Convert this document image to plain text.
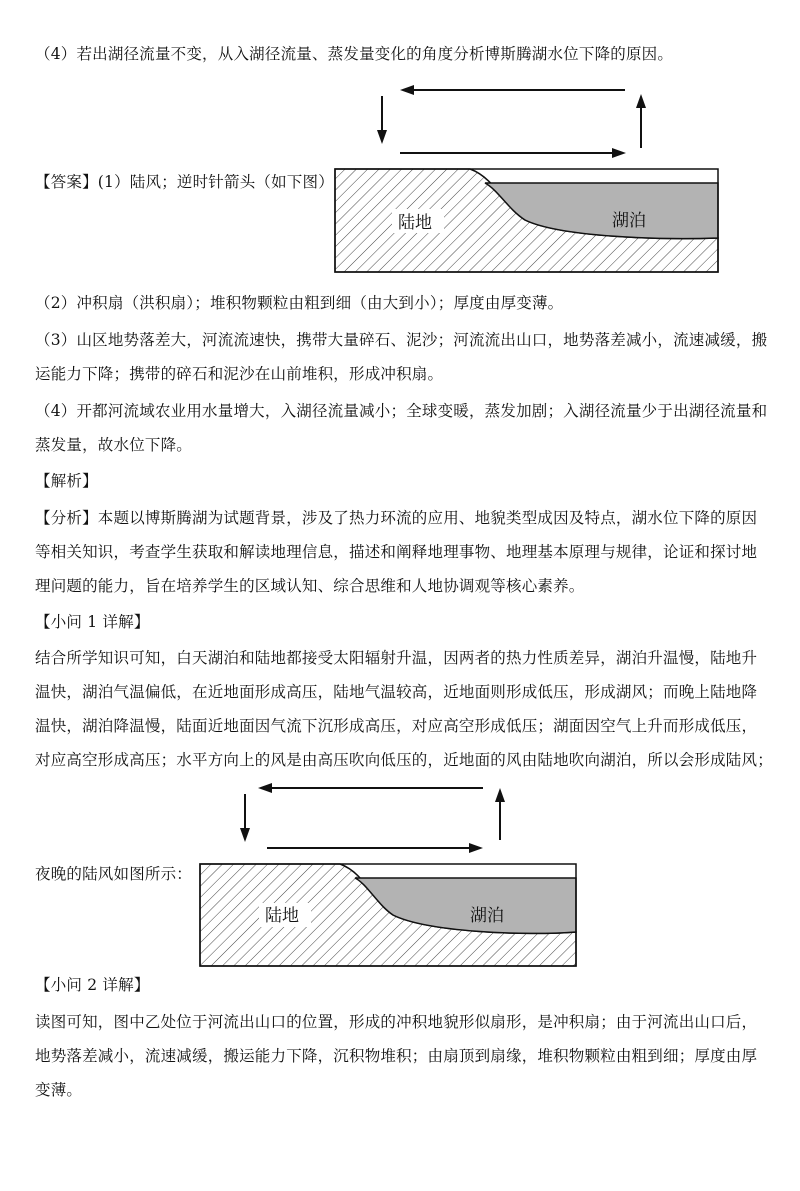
（4）若出湖径流量不变，从入湖径流量、蒸发量变化的角度分析博斯腾湖水位下降的原因。
陆地	湖泊
【答案】(1）陆风；逆时针箭头（如下图）
（2）冲积扇（洪积扇）；堆积物颗粒由粗到细（由大到小）；厚度由厚变薄。
（3）山区地势落差大，河流流速快，携带大量碎石、泥沙；河流流出山口，地势落差减小，流速减缓，搬
运能力下降；携带的碎石和泥沙在山前堆积，形成冲积扇。
（4）开都河流域农业用水量增大，入湖径流量减小；全球变暖，蒸发加剧；入湖径流量少于出湖径流量和
蒸发量，故水位下降。
【解析】
【分析】本题以博斯腾湖为试题背景，涉及了热力环流的应用、地貌类型成因及特点，湖水位下降的原因
等相关知识，考查学生获取和解读地理信息，描述和阐释地理事物、地理基本原理与规律，论证和探讨地
理问题的能力，旨在培养学生的区域认知、综合思维和人地协调观等核心素养。
【小问 1 详解】
结合所学知识可知，白天湖泊和陆地都接受太阳辐射升温，因两者的热力性质差异，湖泊升温慢，陆地升
温快，湖泊气温偏低，在近地面形成高压，陆地气温较高，近地面则形成低压，形成湖风；而晚上陆地降
温快，湖泊降温慢，陆面近地面因气流下沉形成高压，对应高空形成低压；湖面因空气上升而形成低压，
对应高空形成高压；水平方向上的风是由高压吹向低压的，近地面的风由陆地吹向湖泊，所以会形成陆风；
陆地	湖泊
夜晚的陆风如图所示：
【小问 2 详解】
读图可知，图中乙处位于河流出山口的位置，形成的冲积地貌形似扇形，是冲积扇；由于河流出山口后，
地势落差减小，流速减缓，搬运能力下降，沉积物堆积；由扇顶到扇缘，堆积物颗粒由粗到细；厚度由厚
变薄。
